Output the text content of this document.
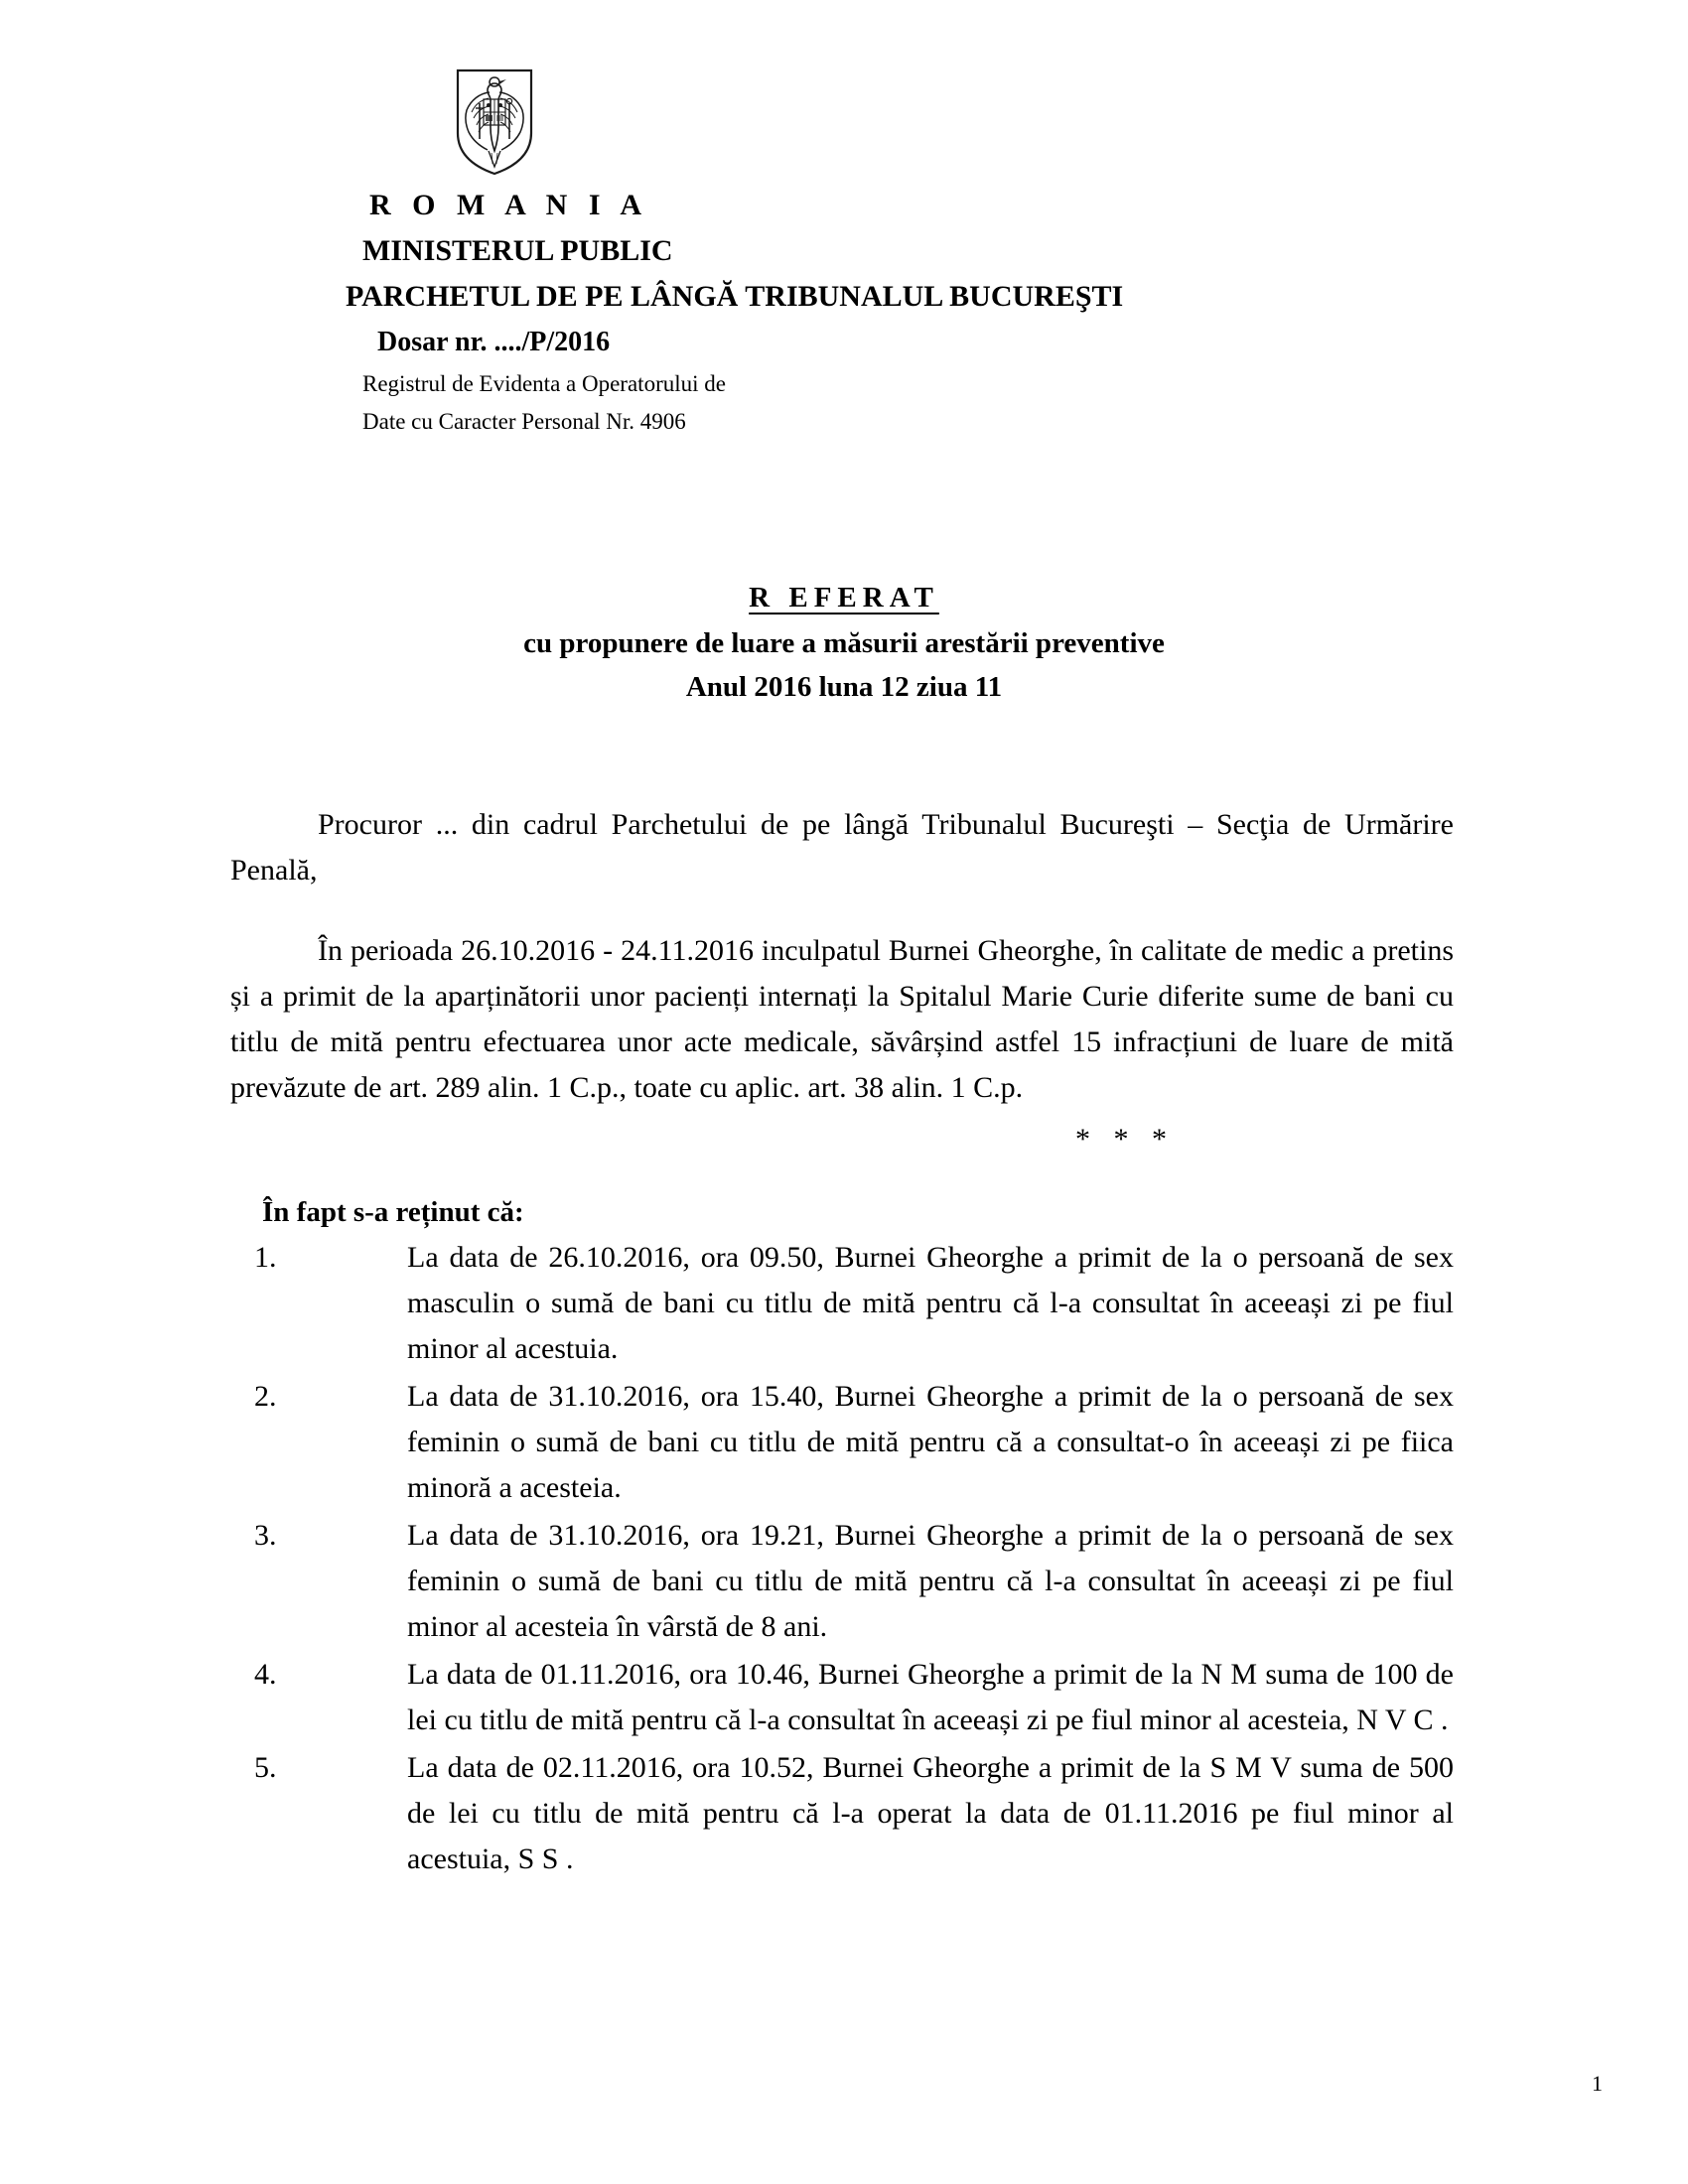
R O M A N I A
MINISTERUL PUBLIC
PARCHETUL DE PE LÂNGĂ TRIBUNALUL BUCUREŞTI
Dosar nr. ..../P/2016
Registrul de Evidenta a Operatorului de
Date cu Caracter Personal Nr. 4906
R EFERAT
cu propunere de luare a măsurii arestării preventive
Anul 2016 luna 12 ziua 11

Procuror ... din cadrul Parchetului de pe lângă Tribunalul Bucureşti – Secţia de Urmărire Penală,

În perioada 26.10.2016 - 24.11.2016 inculpatul Burnei Gheorghe, în calitate de medic a pretins și a primit de la aparținătorii unor pacienți internați la Spitalul Marie Curie diferite sume de bani cu titlu de mită pentru efectuarea unor acte medicale, săvârșind astfel 15 infracțiuni de luare de mită prevăzute de art. 289 alin. 1 C.p., toate cu aplic. art. 38 alin. 1 C.p.

* * *

În fapt s-a reținut că:

1.	La data de 26.10.2016, ora 09.50, Burnei Gheorghe a primit de la o persoană de sex masculin o sumă de bani cu titlu de mită pentru că l-a consultat în aceeași zi pe fiul minor al acestuia.
2.	La data de 31.10.2016, ora 15.40, Burnei Gheorghe a primit de la o persoană de sex feminin o sumă de bani cu titlu de mită pentru că a consultat-o în aceeași zi pe fiica minoră a acesteia.
3.	La data de 31.10.2016, ora 19.21, Burnei Gheorghe a primit de la o persoană de sex feminin o sumă de bani cu titlu de mită pentru că l-a consultat în aceeași zi pe fiul minor al acesteia în vârstă de 8 ani.
4.	La data de 01.11.2016, ora 10.46, Burnei Gheorghe a primit de la N M suma de 100 de lei cu titlu de mită pentru că l-a consultat în aceeași zi pe fiul minor al acesteia, N V C .
5.	La data de 02.11.2016, ora 10.52, Burnei Gheorghe a primit de la S M V suma de 500 de lei cu titlu de mită pentru că l-a operat la data de 01.11.2016 pe fiul minor al acestuia, S S .
1
